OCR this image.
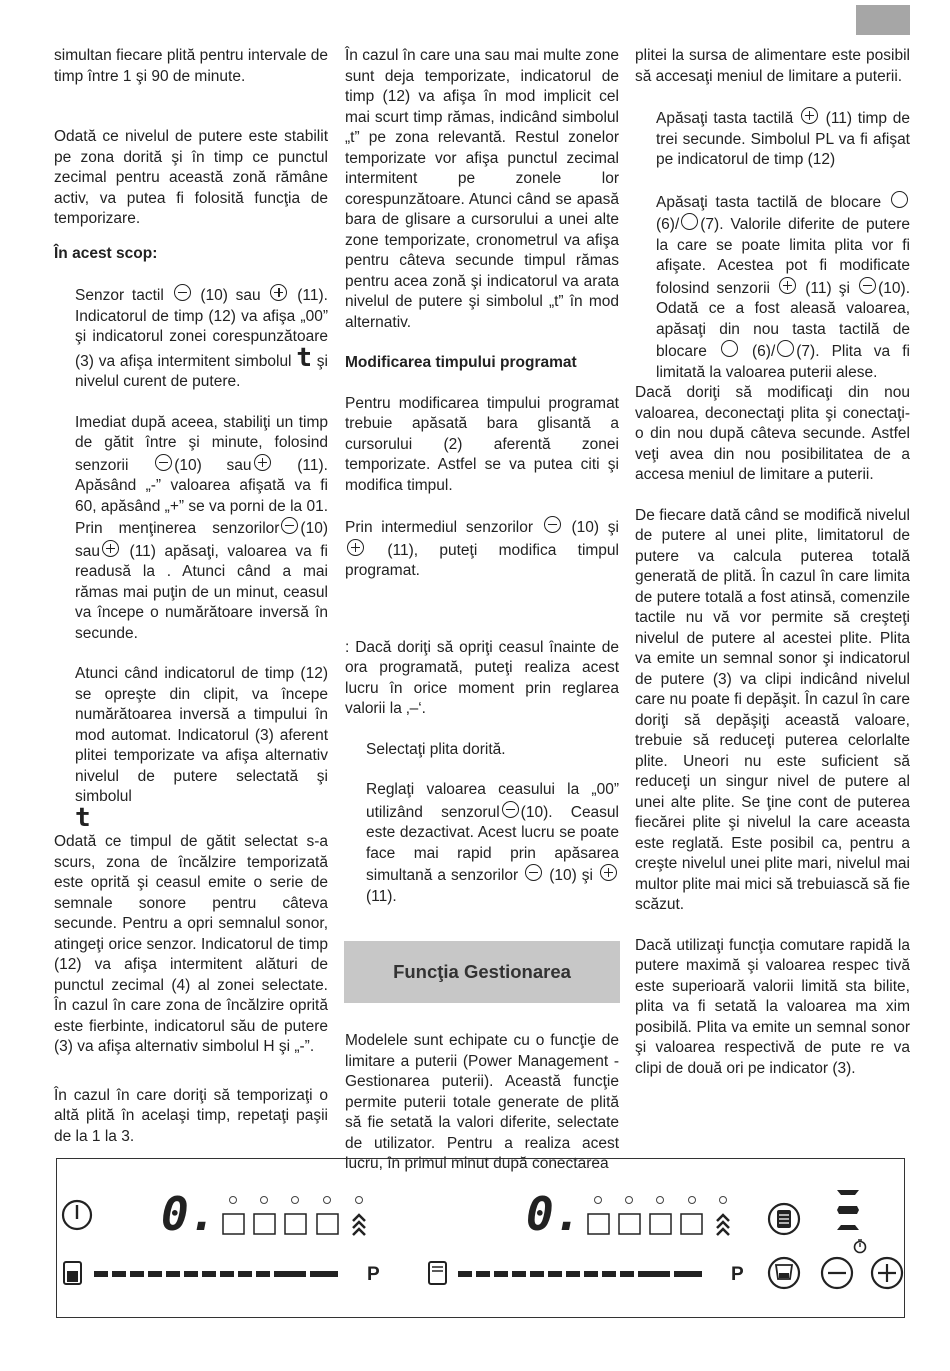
simultan fiecare plită pentru intervale de timp între 1 şi 90 de minute.

Odată ce nivelul de putere este stabilit pe zona dorită şi în timp ce punctul zecimal pentru această zonă rămâne activ, va putea fi folosită funcţia de temporizare.

În acest scop:

Senzor tactil (10) sau (11). Indicatorul de timp (12) va afişa „00” şi indicatorul zonei corespunzătoare (3) va afişa intermitent simbolul t şi nivelul curent de putere.

Imediat după aceea, stabiliţi un timp de gătit între şi minute, folosind senzorii	(10) sau	(11). Apăsând „-” valoarea afişată va fi 60, apăsând „+” se va porni de la 01. Prin menţinerea senzorilor (10) sau (11) apăsaţi, valoarea va fi readusă la . Atunci când a mai rămas mai puţin de un minut, ceasul va începe o numărătoare inversă în secunde.

Atunci când indicatorul de timp (12) se opreşte din clipit, va începe numărătoarea inversă a timpului în mod automat. Indicatorul (3) aferent plitei temporizate va afişa alternativ nivelul de putere selectată şi simbolul
t

Odată ce timpul de gătit selectat s-a scurs, zona de încălzire temporizată este oprită şi ceasul emite o serie de semnale sonore pentru câteva secunde. Pentru a opri semnalul sonor, atingeţi orice senzor. Indicatorul de timp (12) va afişa intermitent alături de punctul zecimal (4) al zonei selectate. În cazul în care zona de încălzire oprită este fierbinte, indicatorul său de putere (3) va afişa alternativ simbolul H şi „-”.

În cazul în care doriţi să temporizaţi o altă plită în acelaşi timp, repetaţi paşii de la 1 la 3.

În cazul în care una sau mai multe zone sunt deja temporizate, indicatorul de timp (12) va afişa în mod implicit cel mai scurt timp rămas, indicând simbolul „t” pe zona relevantă. Restul zonelor temporizate vor afişa punctul zecimal intermitent pe zonele lor corespunzătoare. Atunci când se apasă bara de glisare a cursorului a unei alte zone temporizate, cronometrul va afişa pentru câteva secunde timpul rămas pentru acea zonă şi indicatorul va arata nivelul de putere şi simbolul „t” în mod alternativ.

Modificarea timpului programat

Pentru modificarea timpului programat trebuie apăsată bara glisantă a cursorului (2) aferentă zonei temporizate. Astfel se va putea citi şi modifica timpul.

Prin intermediul senzorilor (10) şi  (11), puteţi modifica timpul programat.

: Dacă doriţi să opriţi ceasul înainte de ora programată, puteţi realiza acest lucru în orice moment prin reglarea valorii la ‚–‘.

Selectaţi plita dorită.

Reglaţi valoarea ceasului la „00” utilizând senzorul (10). Ceasul este dezactivat. Acest lucru se poate face mai rapid prin apăsarea simultană a senzorilor (10) şi  (11).

Funcţia Gestionarea

Modelele sunt echipate cu o funcţie de limitare a puterii (Power Management - Gestionarea puterii). Această funcţie permite puterii totale generate de plită să fie setată la valori diferite, selectate de utilizator. Pentru a realiza acest lucru, în primul minut după conectarea

plitei la sursa de alimentare este posibil să accesaţi meniul de limitare a puterii.

Apăsaţi tasta tactilă (11) timp de trei secunde. Simbolul PL va fi afişat pe indicatorul de timp (12)

Apăsaţi tasta tactilă de blocare  (6)/ (7). Valorile diferite de putere la care se poate limita plita vor fi afişate. Acestea pot fi modificate folosind senzorii (11) şi (10). Odată ce a fost aleasă valoarea, apăsaţi din nou tasta tactilă de blocare	(6)/ (7). Plita va fi limitată la valoarea puterii alese.

Dacă doriţi să modificaţi din nou valoarea, deconectaţi plita şi conectaţi-o din nou după câteva secunde. Astfel veţi avea din nou posibilitatea de a accesa meniul de limitare a puterii.

De fiecare dată când se modifică nivelul de putere al unei plite, limitatorul de putere va calcula puterea totală generată de plită. În cazul în care limita de putere totală a fost atinsă, comenzile tactile nu vă vor permite să creşteţi nivelul de putere al acestei plite. Plita va emite un semnal sonor şi indicatorul de putere (3) va clipi indicând nivelul care nu poate fi depăşit. În cazul în care doriţi să depăşiţi această valoare, trebuie să reduceţi puterea celorlalte plite. Uneori nu este suficient să reduceţi un singur nivel de putere al unei alte plite. Se ţine cont de puterea fiecărei plite şi nivelul la care aceasta este reglată. Este posibil ca, pentru a creşte nivelul unei plite mari, nivelul mai multor plite mai mici să trebuiască să fie scăzut.

Dacă utilizaţi funcţia comutare rapidă la putere maximă şi valoarea respec tivă este superioară valorii limită sta bilite, plita va fi setată la valoarea ma xim posibilă. Plita va emite un semnal sonor şi valoarea respectivă de pute re va clipi de două ori pe indicator (3).

0.	0.
P	P
